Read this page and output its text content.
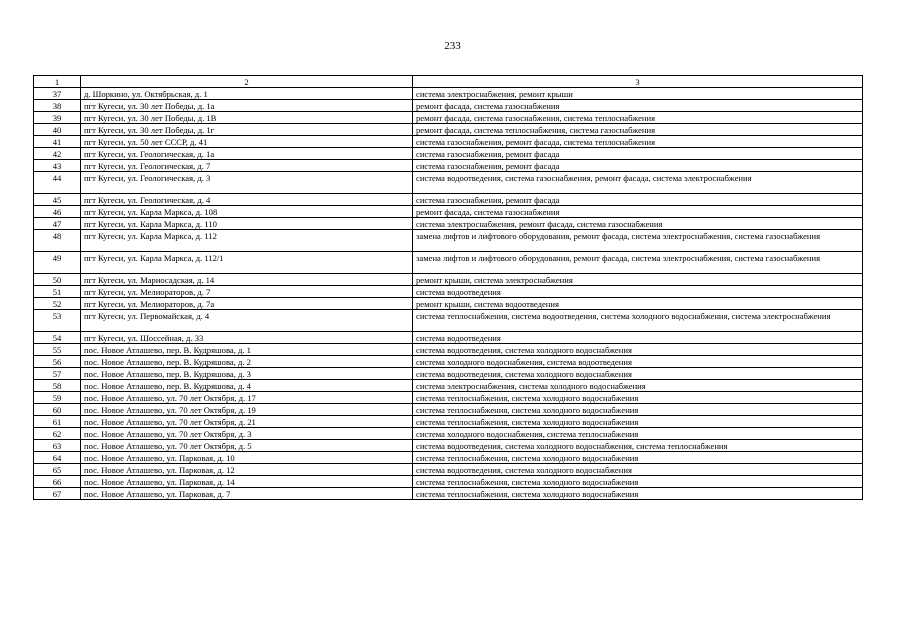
233
1	2	3
37	д. Шоркино, ул. Октябрьская, д. 1	система электроснабжения, ремонт крыши
38	пгт Кугеси, ул. 30 лет Победы, д. 1а	ремонт фасада, система газоснабжения
39	пгт Кугеси, ул. 30 лет Победы, д. 1В	ремонт фасада, система газоснабжения, система теплоснабжения
40	пгт Кугеси, ул. 30 лет Победы, д. 1г	ремонт фасада, система теплоснабжения, система газоснабжения
41	пгт Кугеси, ул. 50 лет СССР, д. 41	система газоснабжения, ремонт фасада, система теплоснабжения
42	пгт Кугеси, ул. Геологическая, д. 1а	система газоснабжения, ремонт фасада
43	пгт Кугеси, ул. Геологическая, д. 7	система газоснабжения, ремонт фасада
44	пгт Кугеси, ул. Геологическая, д. 3	система водоотведения, система газоснабжения, ремонт фасада, система электроснабжения
45	пгт Кугеси, ул. Геологическая, д. 4	система газоснабжения, ремонт фасада
46	пгт Кугеси, ул. Карла Маркса, д. 108	ремонт фасада, система газоснабжения
47	пгт Кугеси, ул. Карла Маркса, д. 110	система электроснабжения, ремонт фасада, система газоснабжения
48	пгт Кугеси, ул. Карла Маркса, д. 112	замена лифтов и лифтового оборудования, ремонт фасада, система электроснабжения, система газоснабжения
49	пгт Кугеси, ул. Карла Маркса, д. 112/1	замена лифтов и лифтового оборудования, ремонт фасада, система электроснабжения, система газоснабжения
50	пгт Кугеси, ул. Мариосадская, д. 14	ремонт крыши, система электроснабжения
51	пгт Кугеси, ул. Мелиораторов, д. 7	система водоотведения
52	пгт Кугеси, ул. Мелиораторов, д. 7а	ремонт крыши, система водоотведения
53	пгт Кугеси, ул. Первомайская, д. 4	система теплоснабжения, система водоотведения, система холодного водоснабжения, система электроснабжения
54	пгт Кугеси, ул. Шоссейная, д. 33	система водоотведения
55	пос. Новое Атлашево, пер. В. Кудряшова, д. 1	система водоотведения, система холодного водоснабжения
56	пос. Новое Атлашево, пер. В. Кудряшова, д. 2	система холодного водоснабжения, система водоотведения
57	пос. Новое Атлашево, пер. В. Кудряшова, д. 3	система водоотведения, система холодного водоснабжения
58	пос. Новое Атлашево, пер. В. Кудряшова, д. 4	система электроснабжения, система холодного водоснабжения
59	пос. Новое Атлашево, ул. 70 лет Октября, д. 17	система теплоснабжения, система холодного водоснабжения
60	пос. Новое Атлашево, ул. 70 лет Октября, д. 19	система теплоснабжения, система холодного водоснабжения
61	пос. Новое Атлашево, ул. 70 лет Октября, д. 21	система теплоснабжения, система холодного водоснабжения
62	пос. Новое Атлашево, ул. 70 лет Октября, д. 3	система холодного водоснабжения, система теплоснабжения
63	пос. Новое Атлашево, ул. 70 лет Октября, д. 5	система водоотведения, система холодного водоснабжения, система теплоснабжения
64	пос. Новое Атлашево, ул. Парковая, д. 10	система теплоснабжения, система холодного водоснабжения
65	пос. Новое Атлашево, ул. Парковая, д. 12	система водоотведения, система холодного водоснабжения
66	пос. Новое Атлашево, ул. Парковая, д. 14	система теплоснабжения, система холодного водоснабжения
67	пос. Новое Атлашево, ул. Парковая, д. 7	система теплоснабжения, система холодного водоснабжения
